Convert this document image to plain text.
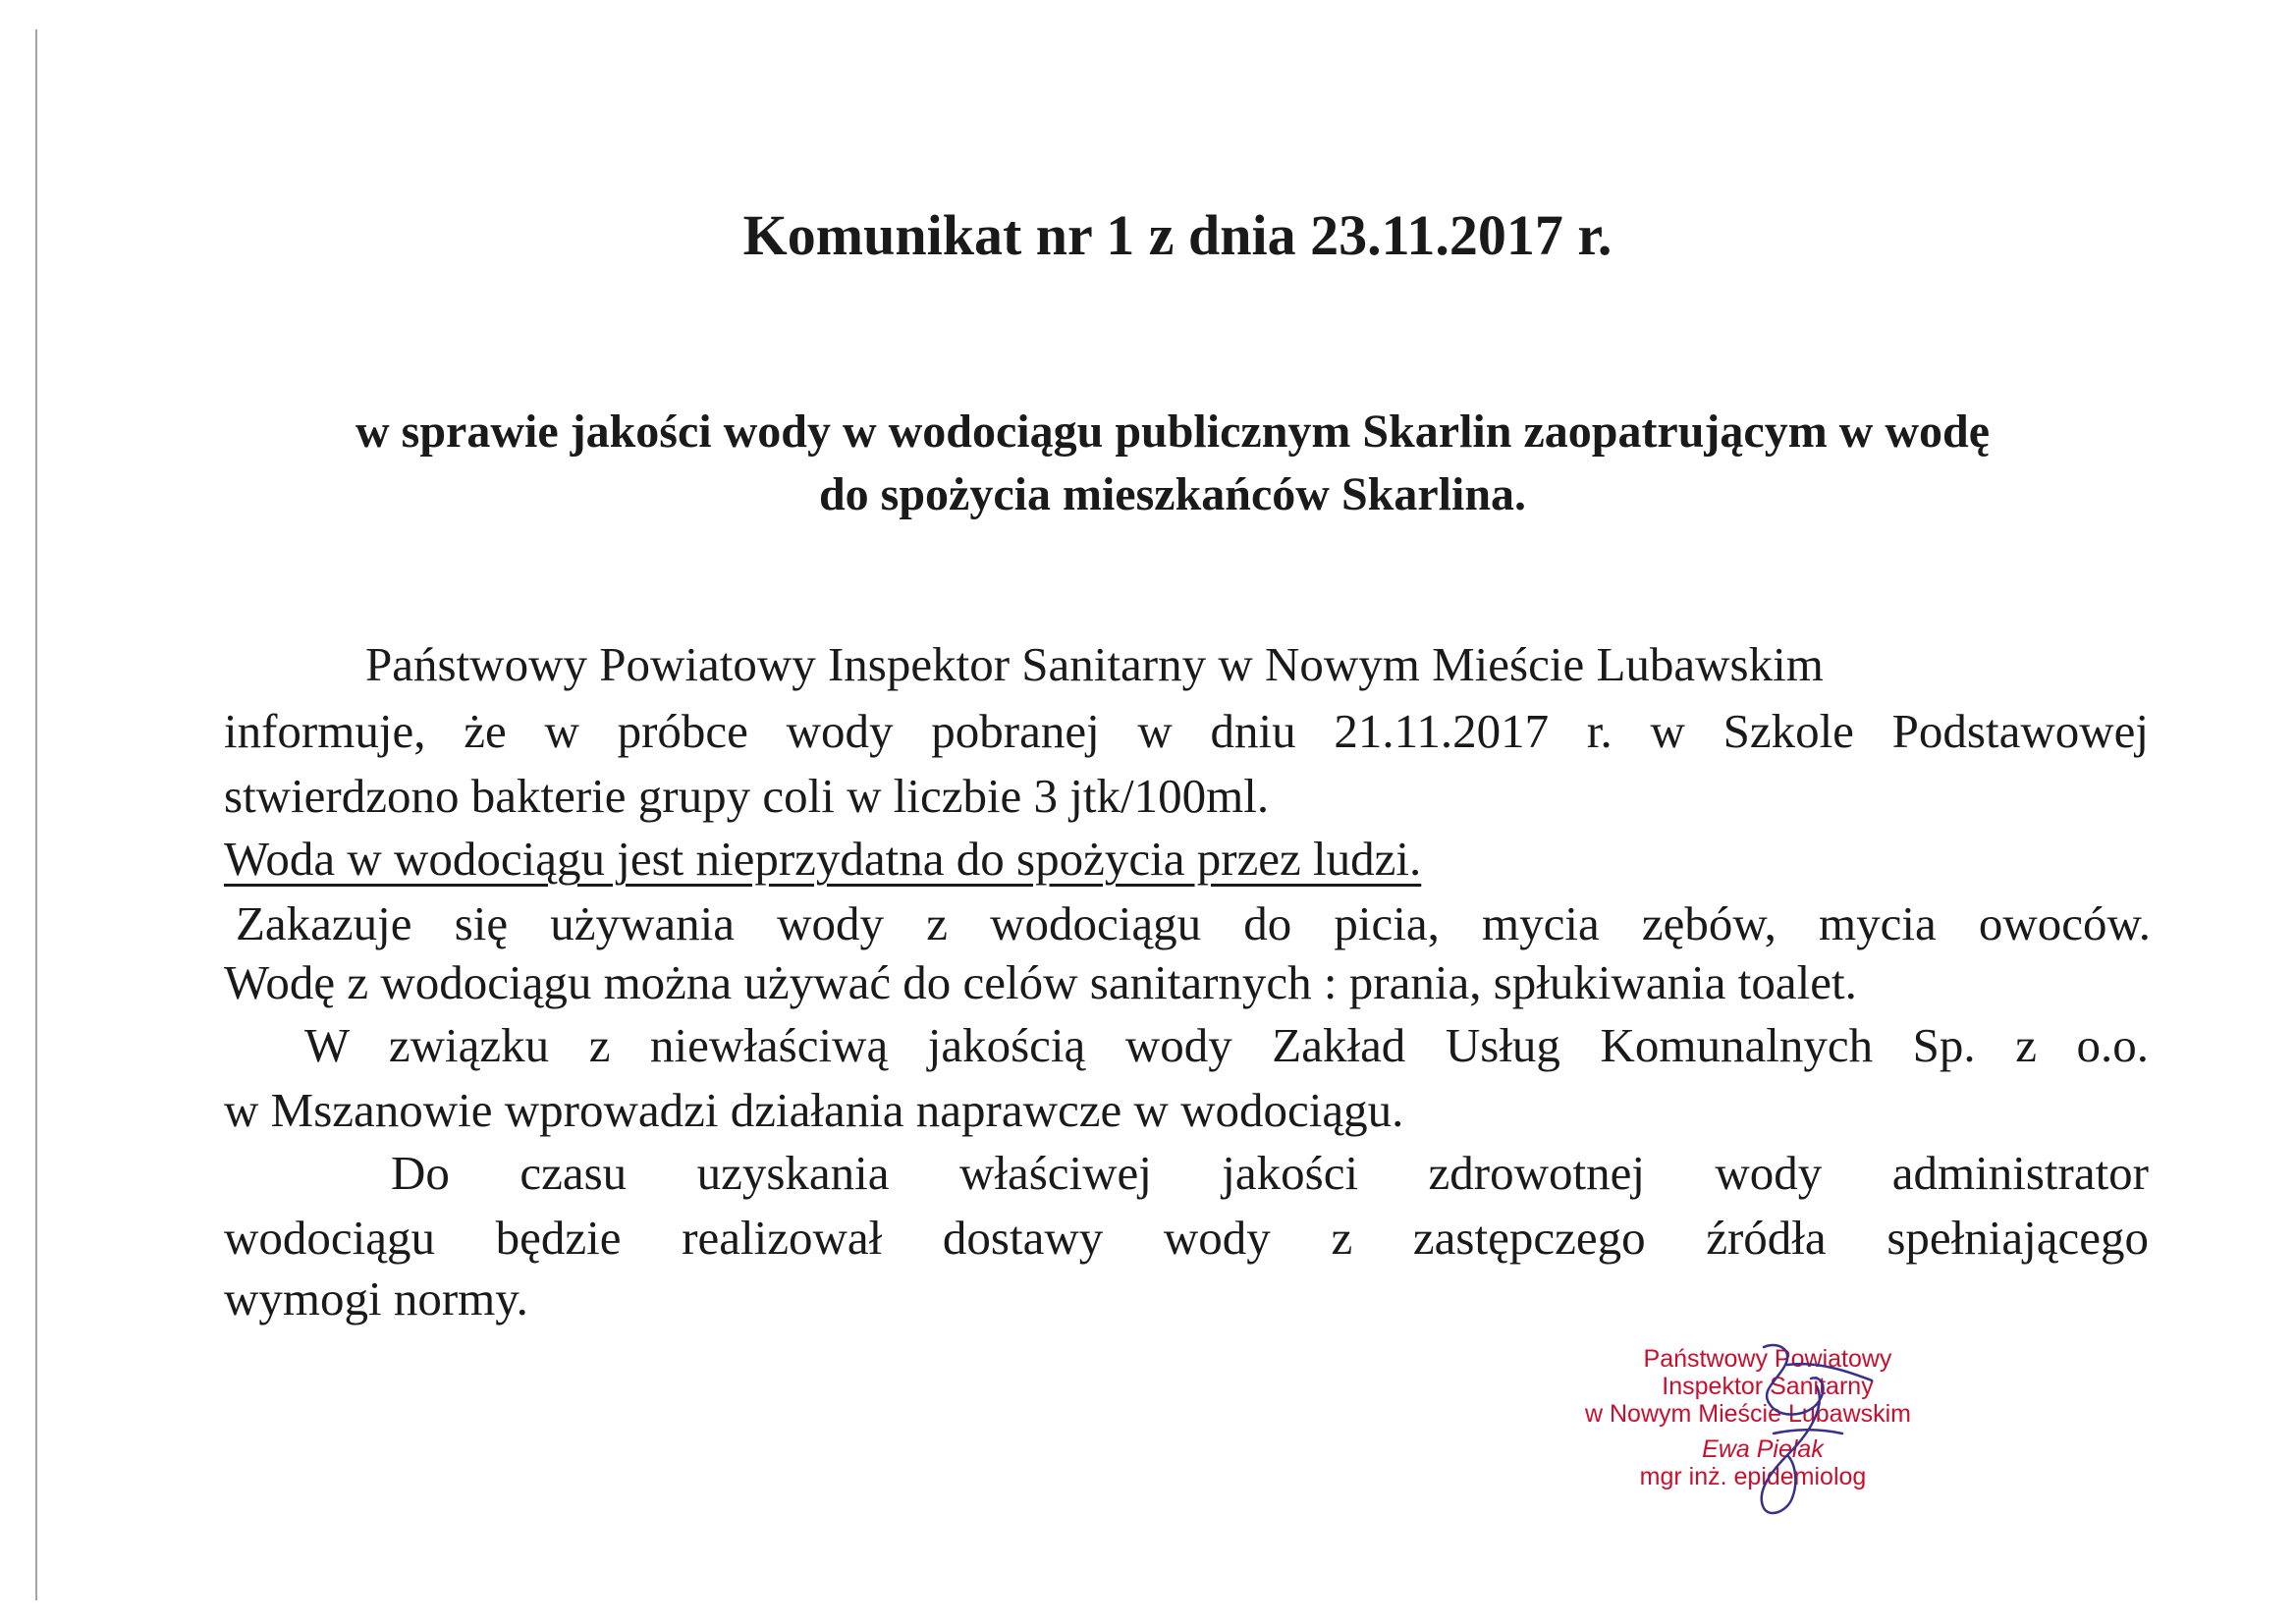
Komunikat nr 1 z dnia 23.11.2017 r.
w sprawie jakości wody w wodociągu publicznym Skarlin zaopatrującym w wodę
do spożycia mieszkańców Skarlina.
Państwowy Powiatowy Inspektor Sanitarny w Nowym Mieście Lubawskim
informuje, że w próbce wody pobranej w dniu 21.11.2017 r. w Szkole Podstawowej
stwierdzono bakterie grupy coli w liczbie 3 jtk/100ml.
Woda w wodociągu jest nieprzydatna do spożycia przez ludzi.
Zakazuje się używania wody z wodociągu do picia, mycia zębów, mycia owoców.
Wodę z wodociągu można używać do celów sanitarnych : prania, spłukiwania toalet.
W związku z niewłaściwą jakością wody Zakład Usług Komunalnych Sp. z o.o.
w Mszanowie wprowadzi działania naprawcze w wodociągu.
Do czasu uzyskania właściwej jakości zdrowotnej wody administrator
wodociągu będzie realizował dostawy wody z zastępczego źródła spełniającego
wymogi normy.
Państwowy Powiatowy
Inspektor Sanitarny
w Nowym Mieście Lubawskim
Ewa Pielak
mgr inż. epidemiolog
